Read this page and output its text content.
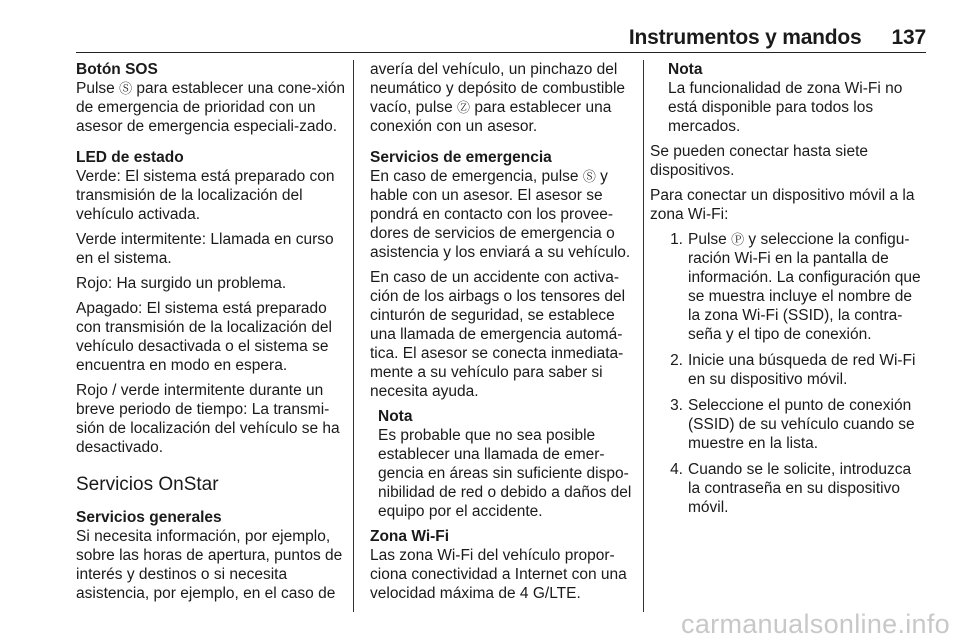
Instrumentos y mandos 137

Botón SOS

Pulse Ⓢ para establecer una cone-xión de emergencia de prioridad con un asesor de emergencia especiali-zado.

LED de estado

Verde: El sistema está preparado con transmisión de la localización del vehículo activada.

Verde intermitente: Llamada en curso en el sistema.

Rojo: Ha surgido un problema.

Apagado: El sistema está preparado con transmisión de la localización del vehículo desactivada o el sistema se encuentra en modo en espera.

Rojo / verde intermitente durante un breve periodo de tiempo: La transmi-sión de localización del vehículo se ha desactivado.

Servicios OnStar

Servicios generales

Si necesita información, por ejemplo, sobre las horas de apertura, puntos de interés y destinos o si necesita asistencia, por ejemplo, en el caso de

avería del vehículo, un pinchazo del neumático y depósito de combustible vacío, pulse Ⓩ para establecer una conexión con un asesor.

Servicios de emergencia

En caso de emergencia, pulse Ⓢ y hable con un asesor. El asesor se pondrá en contacto con los provee-dores de servicios de emergencia o asistencia y los enviará a su vehículo.

En caso de un accidente con activa-ción de los airbags o los tensores del cinturón de seguridad, se establece una llamada de emergencia automá-tica. El asesor se conecta inmediata-mente a su vehículo para saber si necesita ayuda.

Nota

Es probable que no sea posible establecer una llamada de emer-gencia en áreas sin suficiente dispo-nibilidad de red o debido a daños del equipo por el accidente.

Zona Wi-Fi

Las zona Wi-Fi del vehículo propor-ciona conectividad a Internet con una velocidad máxima de 4 G/LTE.

Nota

La funcionalidad de zona Wi-Fi no está disponible para todos los mercados.

Se pueden conectar hasta siete dispositivos.

Para conectar un dispositivo móvil a la zona Wi-Fi:

1. Pulse Ⓟ y seleccione la configu-ración Wi-Fi en la pantalla de información. La configuración que se muestra incluye el nombre de la zona Wi-Fi (SSID), la contra-seña y el tipo de conexión.
2. Inicie una búsqueda de red Wi-Fi en su dispositivo móvil.
3. Seleccione el punto de conexión (SSID) de su vehículo cuando se muestre en la lista.
4. Cuando se le solicite, introduzca la contraseña en su dispositivo móvil.
carmanualsonline.info
